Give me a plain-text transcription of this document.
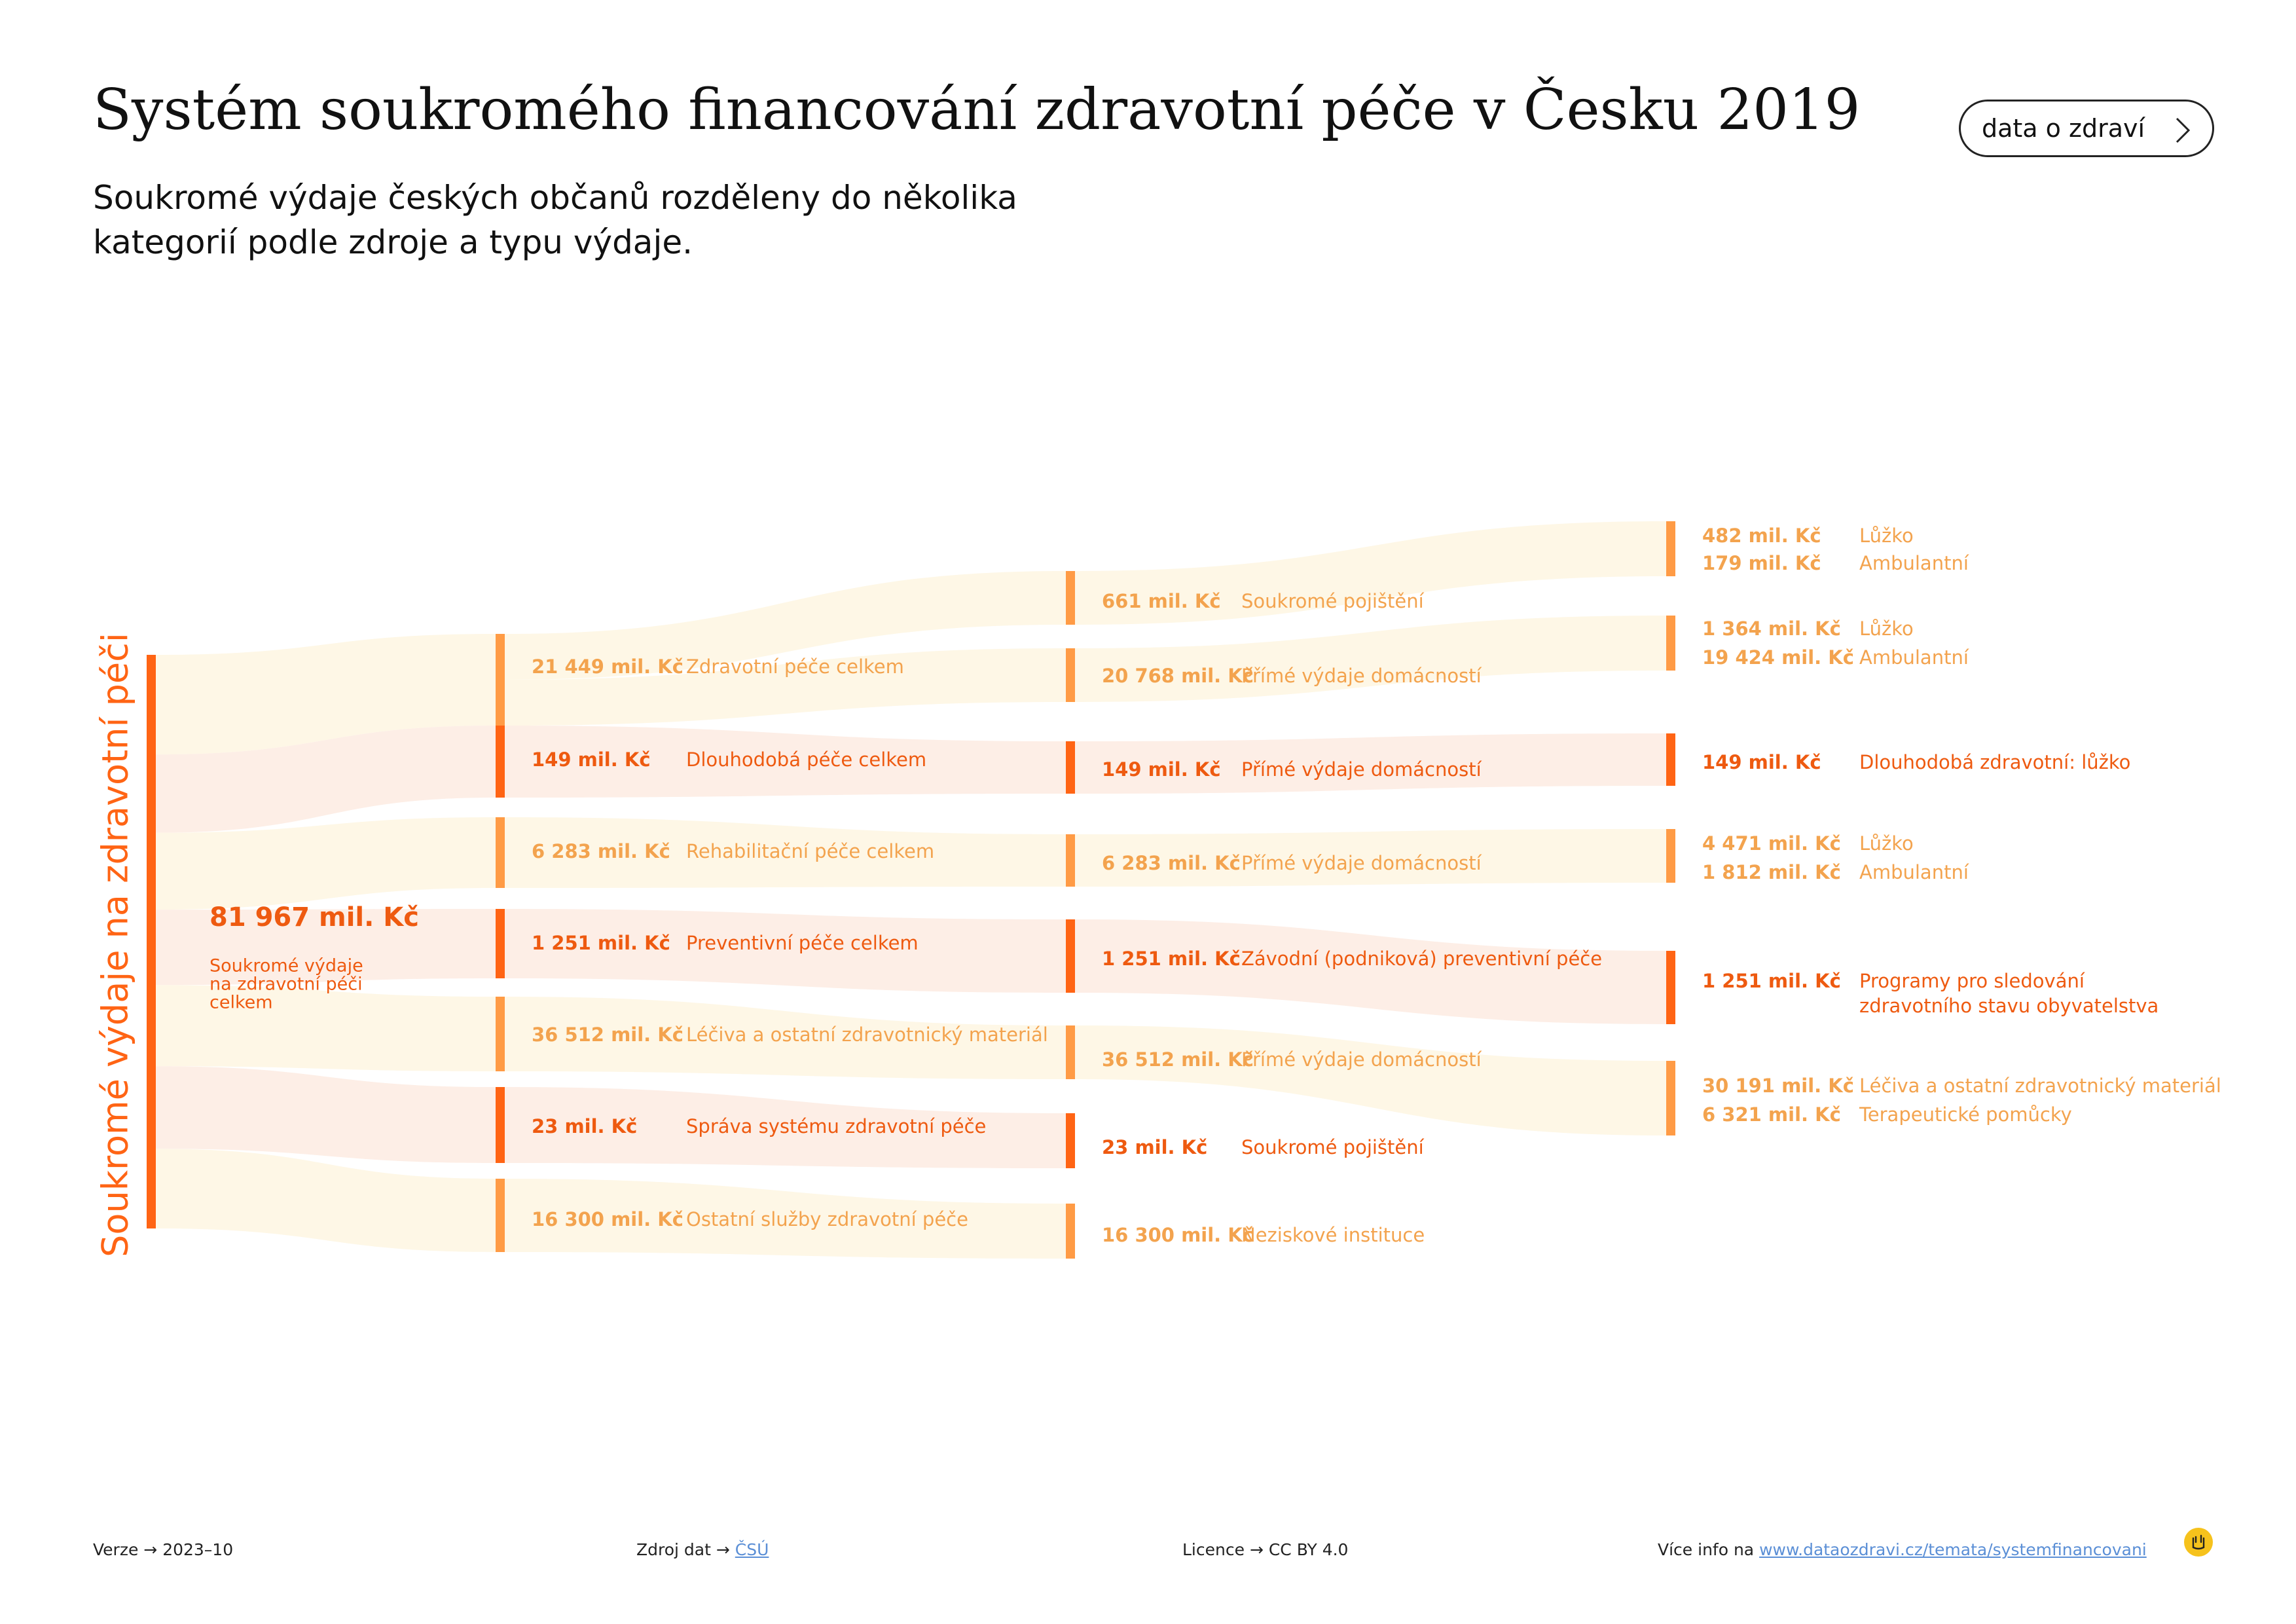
Systém soukromého financování zdravotní péče v Česku 2019

Soukromé výdaje českých občanů rozděleny do několika
kategorií podle zdroje a typu výdaje.

data o zdraví
Soukromé výdaje na zdravotní péči	81 967 mil. Kč
Soukromé výdaje
na zdravotní péči
celkem
21 449 mil. Kč Zdravotní péče celkem
149 mil. Kč Dlouhodobá péče celkem
6 283 mil. Kč Rehabilitační péče celkem
1 251 mil. Kč Preventivní péče celkem
36 512 mil. Kč Léčiva a ostatní zdravotnický materiál
23 mil. Kč	Správa systému zdravotní péče
16 300 mil. Kč Ostatní služby zdravotní péče
661 mil. Kč Soukromé pojištění
20 768 mil. Kč
Přímé výdaje domácností
149 mil. Kč Přímé výdaje domácností
6 283 mil. Kč Přímé výdaje domácností
1 251 mil. Kč Závodní (podniková) preventivní péče
36 512 mil. Kč
Přímé výdaje domácností
23 mil. Kč Soukromé pojištění
16 300 mil. Kč
Neziskové instituce
482 mil. Kč Lůžko
179 mil. Kč Ambulantní
1 364 mil. Kč Lůžko
19 424 mil. Kč Ambulantní
149 mil. Kč Dlouhodobá zdravotní: lůžko
4 471 mil. Kč Lůžko
1 812 mil. Kč Ambulantní
1 251 mil. Kč Programy pro sledování
zdravotního stavu obyvatelstva
30 191 mil. Kč Léčiva a ostatní zdravotnický materiál
6 321 mil. Kč Terapeutické pomůcky
Verze → 2023–10	Zdroj dat → ČSÚ	Licence → CC BY 4.0	Více info na www.dataozdravi.cz/temata/systemfinancovani
